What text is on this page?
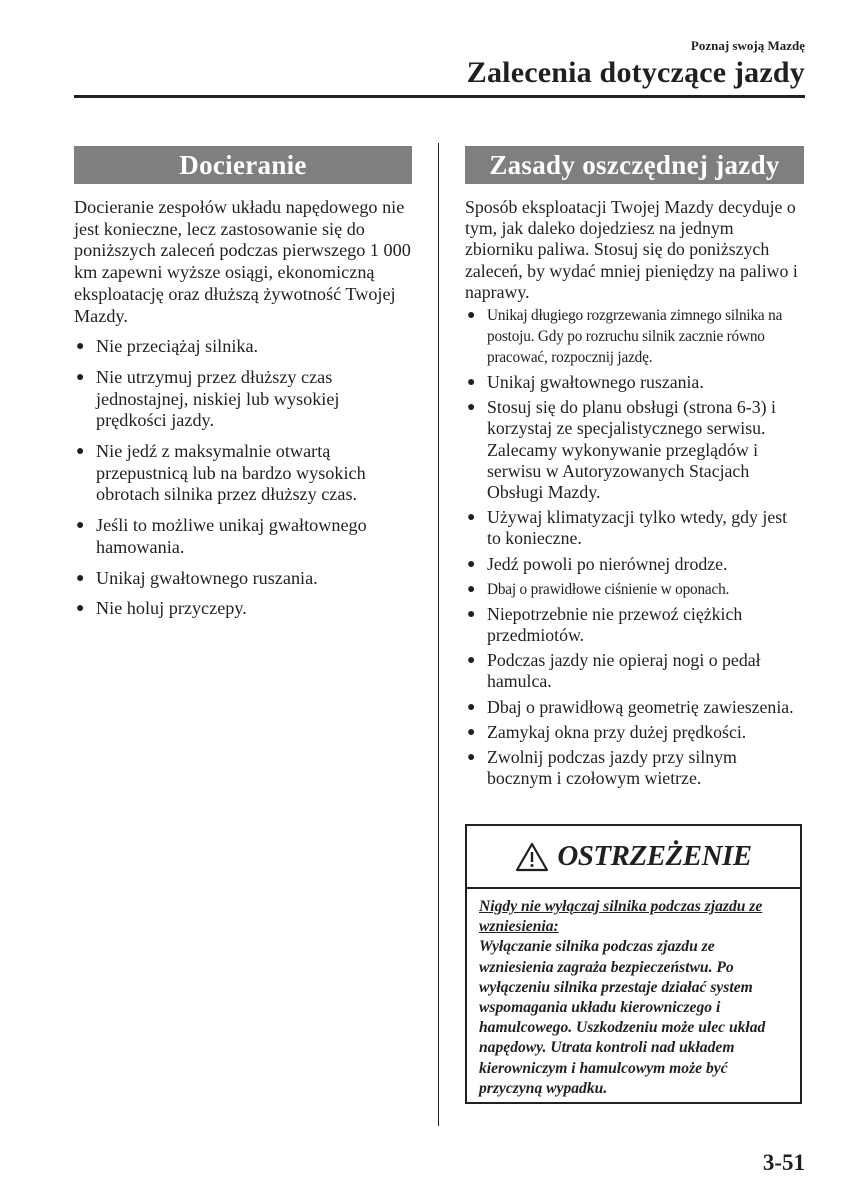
Poznaj swoją Mazdę
Zalecenia dotyczące jazdy
Docieranie

Docieranie zespołów układu napędowego nie jest konieczne, lecz zastosowanie się do poniższych zaleceń podczas pierwszego 1 000 km zapewni wyższe osiągi, ekonomiczną eksploatację oraz dłuższą żywotność Twojej Mazdy.

● Nie przeciążaj silnika.
● Nie utrzymuj przez dłuższy czas jednostajnej, niskiej lub wysokiej prędkości jazdy.
● Nie jedź z maksymalnie otwartą przepustnicą lub na bardzo wysokich obrotach silnika przez dłuższy czas.
● Jeśli to możliwe unikaj gwałtownego hamowania.
● Unikaj gwałtownego ruszania.
● Nie holuj przyczepy.
Zasady oszczędnej jazdy

Sposób eksploatacji Twojej Mazdy decyduje o tym, jak daleko dojedziesz na jednym zbiorniku paliwa. Stosuj się do poniższych zaleceń, by wydać mniej pieniędzy na paliwo i naprawy.

● Unikaj długiego rozgrzewania zimnego silnika na postoju. Gdy po rozruchu silnik zacznie równo pracować, rozpocznij jazdę.
● Unikaj gwałtownego ruszania.
● Stosuj się do planu obsługi (strona 6-3) i korzystaj ze specjalistycznego serwisu. Zalecamy wykonywanie przeglądów i serwisu w Autoryzowanych Stacjach Obsługi Mazdy.
● Używaj klimatyzacji tylko wtedy, gdy jest to konieczne.
● Jedź powoli po nierównej drodze.
● Dbaj o prawidłowe ciśnienie w oponach.
● Niepotrzebnie nie przewoź ciężkich przedmiotów.
● Podczas jazdy nie opieraj nogi o pedał hamulca.
● Dbaj o prawidłową geometrię zawieszenia.
● Zamykaj okna przy dużej prędkości.
● Zwolnij podczas jazdy przy silnym bocznym i czołowym wietrze.
OSTRZEŻENIE
Nigdy nie wyłączaj silnika podczas zjazdu ze wzniesienia:
Wyłączanie silnika podczas zjazdu ze wzniesienia zagraża bezpieczeństwu. Po wyłączeniu silnika przestaje działać system wspomagania układu kierowniczego i hamulcowego. Uszkodzeniu może ulec układ napędowy. Utrata kontroli nad układem kierowniczym i hamulcowym może być przyczyną wypadku.
3-51
